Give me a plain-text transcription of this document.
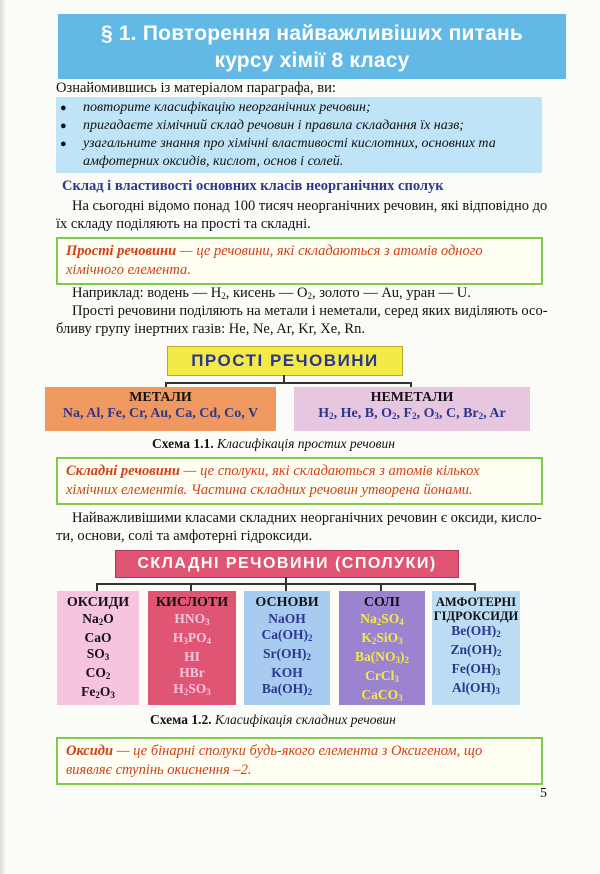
§ 1. Повторення найважливіших питань
курсу хімії 8 класу
Ознайомившись із матеріалом параграфа, ви:
● повторите класифікацію неорганічних речовин;
● пригадаєте хімічний склад речовин і правила складання їх назв;
● узагальните знання про хімічні властивості кислотних, основних та
амфотерних оксидів, кислот, основ і солей.
Склад і властивості основних класів неорганічних сполук
На сьогодні відомо понад 100 тисяч неорганічних речовин, які відповідно до
їх складу поділяють на прості та складні.
Прості речовини — це речовини, які складаються з атомів одного
хімічного елемента.
Наприклад: водень — $H_2$, кисень — $O_2$, золото — Au, уран — U.
Прості речовини поділяють на метали і неметали, серед яких виділяють осо-
бливу групу інертних газів: He, Ne, Ar, Kr, Xe, Rn.
ПРОСТІ РЕЧОВИНИ
МЕТАЛИ
Na, Al, Fe, Cr, Au, Ca, Cd, Co, V
НЕМЕТАЛИ
$H_2$, He, B, $O_2$, $F_2$, $O_3$, C, $Br_2$, Ar
Схема 1.1. Класифікація простих речовин
Складні речовини — це сполуки, які складаються з атомів кількох
хімічних елементів. Частина складних речовин утворена йонами.
Найважливішими класами складних неорганічних речовин є оксиди, кисло-
ти, основи, солі та амфотерні гідроксиди.
СКЛАДНІ РЕЧОВИНИ (СПОЛУКИ)
ОКСИДИ
$Na_2O$
CaO
$SO_3$
$CO_2$
$Fe_2O_3$
КИСЛОТИ
$HNO_3$
$H_3PO_4$
HI
HBr
$H_2SO_3$
ОСНОВИ
NaOH
$Ca(OH)_2$
$Sr(OH)_2$
KOH
$Ba(OH)_2$
СОЛІ
$Na_2SO_4$
$K_2SiO_3$
$Ba(NO_3)_2$
CrCl$_3$
CaCO$_3$
АМФОТЕРНІ
ГІДРОКСИДИ
$Be(OH)_2$
$Zn(OH)_2$
$Fe(OH)_3$
$Al(OH)_3$
Схема 1.2. Класифікація складних речовин
Оксиди — це бінарні сполуки будь-якого елемента з Оксигеном, що
виявляє ступінь окиснення –2.
5
